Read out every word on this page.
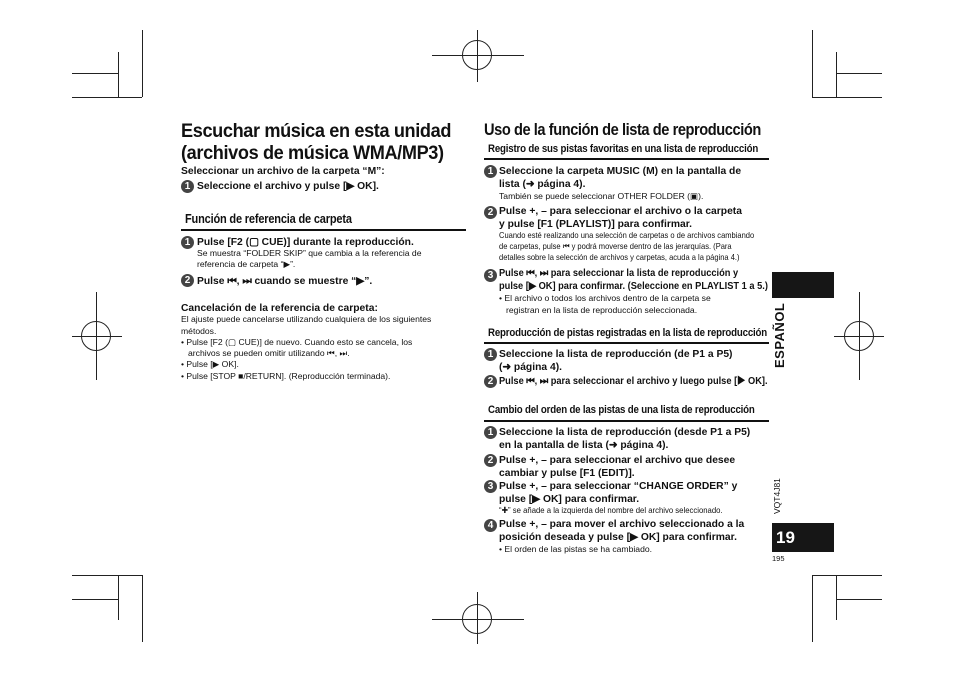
Escuchar música en esta unidad
(archivos de música WMA/MP3)
Seleccionar un archivo de la carpeta “M”:
1 Seleccione el archivo y pulse [▶ OK].
Función de referencia de carpeta
1 Pulse [F2 (▢ CUE)] durante la reproducción.
Se muestra “FOLDER SKIP” que cambia a la referencia de
referencia de carpeta “▶︎”.
2 Pulse ⏮, ⏭ cuando se muestre “▶︎”.
Cancelación de la referencia de carpeta:
El ajuste puede cancelarse utilizando cualquiera de los siguientes
métodos.
• Pulse [F2 (▢ CUE)] de nuevo. Cuando esto se cancela, los
archivos se pueden omitir utilizando ⏮, ⏭.
• Pulse [▶ OK].
• Pulse [STOP ■/RETURN]. (Reproducción terminada).
Uso de la función de lista de reproducción
Registro de sus pistas favoritas en una lista de reproducción
1 Seleccione la carpeta MUSIC (M) en la pantalla de
lista (➜ página 4).
También se puede seleccionar OTHER FOLDER (▣).
2 Pulse +, – para seleccionar el archivo o la carpeta
y pulse [F1 (PLAYLIST)] para confirmar.
Cuando esté realizando una selección de carpetas o de archivos cambiando
de carpetas, pulse ⏮ y podrá moverse dentro de las jerarquías. (Para
detalles sobre la selección de archivos y carpetas, acuda a la página 4.)
3 Pulse ⏮, ⏭ para seleccionar la lista de reproducción y
pulse [▶ OK] para confirmar. (Seleccione en PLAYLIST 1 a 5.)
• El archivo o todos los archivos dentro de la carpeta se
registran en la lista de reproducción seleccionada.
Reproducción de pistas registradas en la lista de reproducción
1 Seleccione la lista de reproducción (de P1 a P5)
(➜ página 4).
2 Pulse ⏮, ⏭ para seleccionar el archivo y luego pulse [▶ OK].
Cambio del orden de las pistas de una lista de reproducción
1 Seleccione la lista de reproducción (desde P1 a P5)
en la pantalla de lista (➜ página 4).
2 Pulse +, – para seleccionar el archivo que desee
cambiar y pulse [F1 (EDIT)].
3 Pulse +, – para seleccionar “CHANGE ORDER” y
pulse [▶ OK] para confirmar.
“✚” se añade a la izquierda del nombre del archivo seleccionado.
4 Pulse +, – para mover el archivo seleccionado a la
posición deseada y pulse [▶ OK] para confirmar.
• El orden de las pistas se ha cambiado.
ESPAÑOL
VQT4J81
19
195
